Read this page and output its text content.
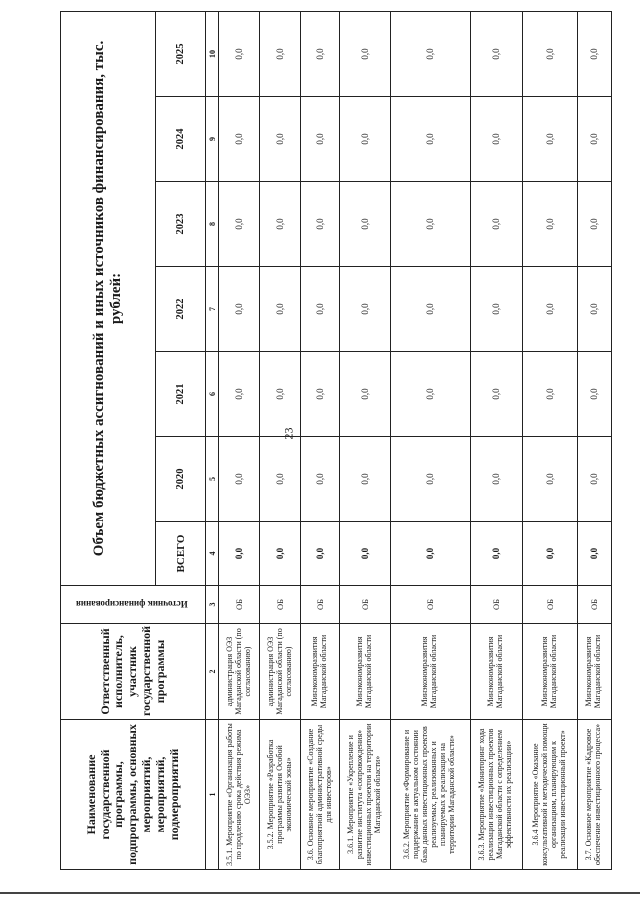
23
Наименование государственной программы, подпрограммы, основных мероприятий, мероприятий, подмероприятий	Ответственный исполнитель, участник государственной программы	Источник финансирования	Объем бюджетных ассигнований и иных источников финансирования, тыс. рублей:						
			ВСЕГО	2020	2021	2022	2023	2024	2025
1	2	3	4	5	6	7	8	9	10
3.5.1. Мероприятие «Организация работы по продлению срока действия режима ОЭЗ»	администрация ОЭЗ Магаданской области (по согласованию)	ОБ	0,0	0,0	0,0	0,0	0,0	0,0	0,0
3.5.2. Мероприятие «Разработка программы развития Особой экономической зоны»	администрация ОЭЗ Магаданской области (по согласованию)	ОБ	0,0	0,0	0,0	0,0	0,0	0,0	0,0
3.6. Основное мероприятие «Создание благоприятной административной среды для инвесторов»	Минэкономразвития Магаданской области	ОБ	0,0	0,0	0,0	0,0	0,0	0,0	0,0
3.6.1. Мероприятие «Укрепление и развитие института «сопровождения» инвестиционных проектов на территории Магаданской области»	Минэкономразвития Магаданской области	ОБ	0,0	0,0	0,0	0,0	0,0	0,0	0,0
3.6.2. Мероприятие «Формирование и поддержание в актуальном состоянии базы данных инвестиционных проектов реализуемых, реализованных и планируемых к реализации на территории Магаданской области»	Минэкономразвития Магаданской области	ОБ	0,0	0,0	0,0	0,0	0,0	0,0	0,0
3.6.3. Мероприятие «Мониторинг хода реализации инвестиционных проектов Магаданской области с определением эффективности их реализации»	Минэкономразвития Магаданской области	ОБ	0,0	0,0	0,0	0,0	0,0	0,0	0,0
3.6.4 Мероприятие «Оказание консультативной и методической помощи организациям, планирующим к реализации инвестиционный проект»	Минэкономразвития Магаданской области	ОБ	0,0	0,0	0,0	0,0	0,0	0,0	0,0
3.7. Основное мероприятие «Кадровое обеспечение инвестиционного процесса»	Минэкономразвития Магаданской области	ОБ	0,0	0,0	0,0	0,0	0,0	0,0	0,0
